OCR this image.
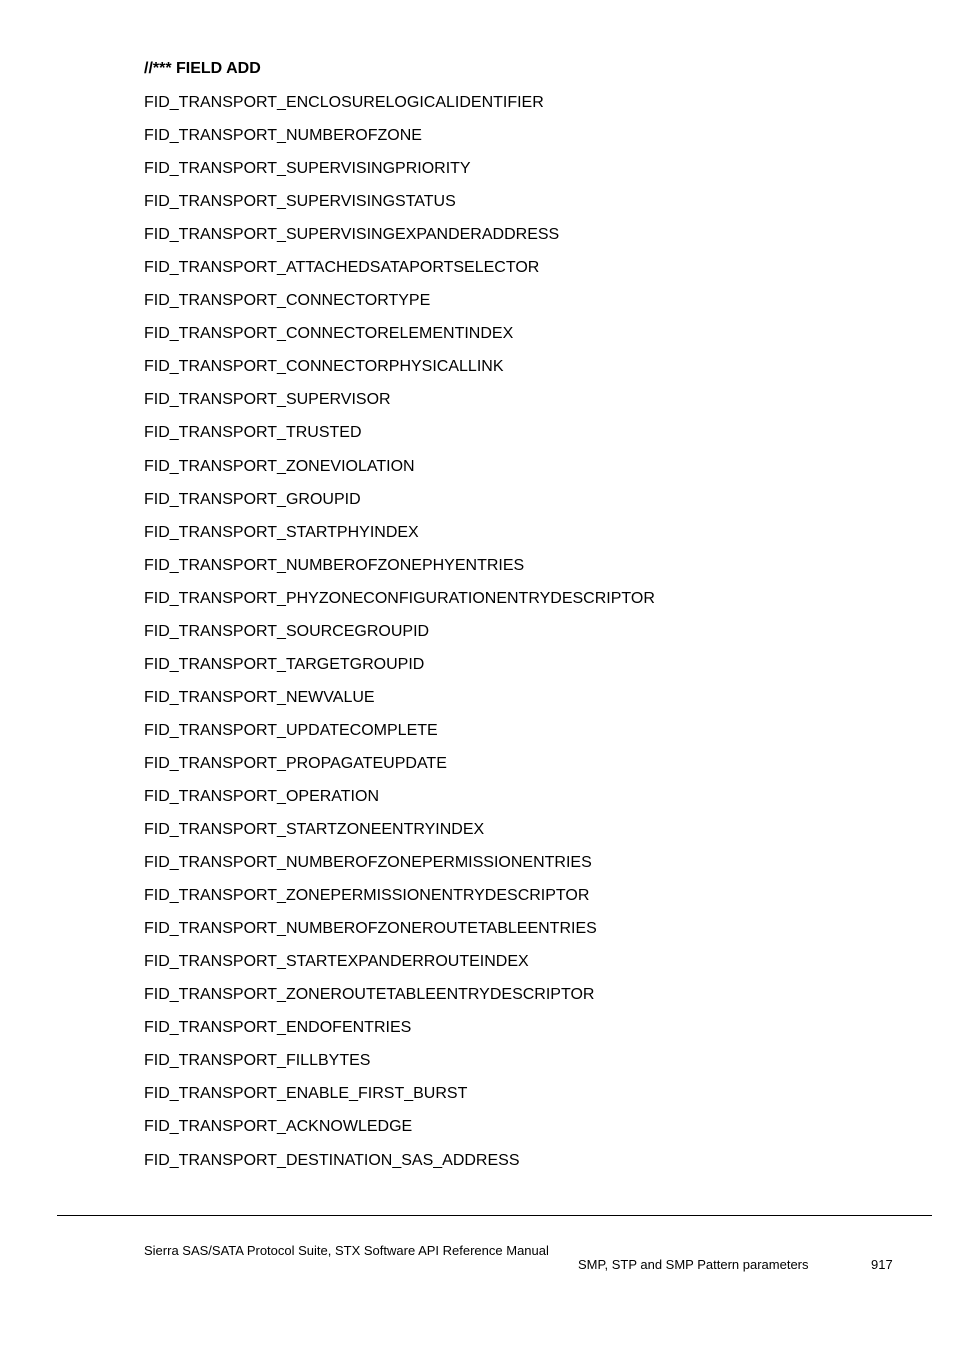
//*** FIELD ADD
FID_TRANSPORT_ENCLOSURELOGICALIDENTIFIER
FID_TRANSPORT_NUMBEROFZONE
FID_TRANSPORT_SUPERVISINGPRIORITY
FID_TRANSPORT_SUPERVISINGSTATUS
FID_TRANSPORT_SUPERVISINGEXPANDERADDRESS
FID_TRANSPORT_ATTACHEDSATAPORTSELECTOR
FID_TRANSPORT_CONNECTORTYPE
FID_TRANSPORT_CONNECTORELEMENTINDEX
FID_TRANSPORT_CONNECTORPHYSICALLINK
FID_TRANSPORT_SUPERVISOR
FID_TRANSPORT_TRUSTED
FID_TRANSPORT_ZONEVIOLATION
FID_TRANSPORT_GROUPID
FID_TRANSPORT_STARTPHYINDEX
FID_TRANSPORT_NUMBEROFZONEPHYENTRIES
FID_TRANSPORT_PHYZONECONFIGURATIONENTRYDESCRIPTOR
FID_TRANSPORT_SOURCEGROUPID
FID_TRANSPORT_TARGETGROUPID
FID_TRANSPORT_NEWVALUE
FID_TRANSPORT_UPDATECOMPLETE
FID_TRANSPORT_PROPAGATEUPDATE
FID_TRANSPORT_OPERATION
FID_TRANSPORT_STARTZONEENTRYINDEX
FID_TRANSPORT_NUMBEROFZONEPERMISSIONENTRIES
FID_TRANSPORT_ZONEPERMISSIONENTRYDESCRIPTOR
FID_TRANSPORT_NUMBEROFZONEROUTETABLEENTRIES
FID_TRANSPORT_STARTEXPANDERROUTEINDEX
FID_TRANSPORT_ZONEROUTETABLEENTRYDESCRIPTOR
FID_TRANSPORT_ENDOFENTRIES
FID_TRANSPORT_FILLBYTES
FID_TRANSPORT_ENABLE_FIRST_BURST
FID_TRANSPORT_ACKNOWLEDGE
FID_TRANSPORT_DESTINATION_SAS_ADDRESS
Sierra SAS/SATA Protocol Suite, STX Software API Reference Manual
SMP, STP and SMP Pattern parameters	917
